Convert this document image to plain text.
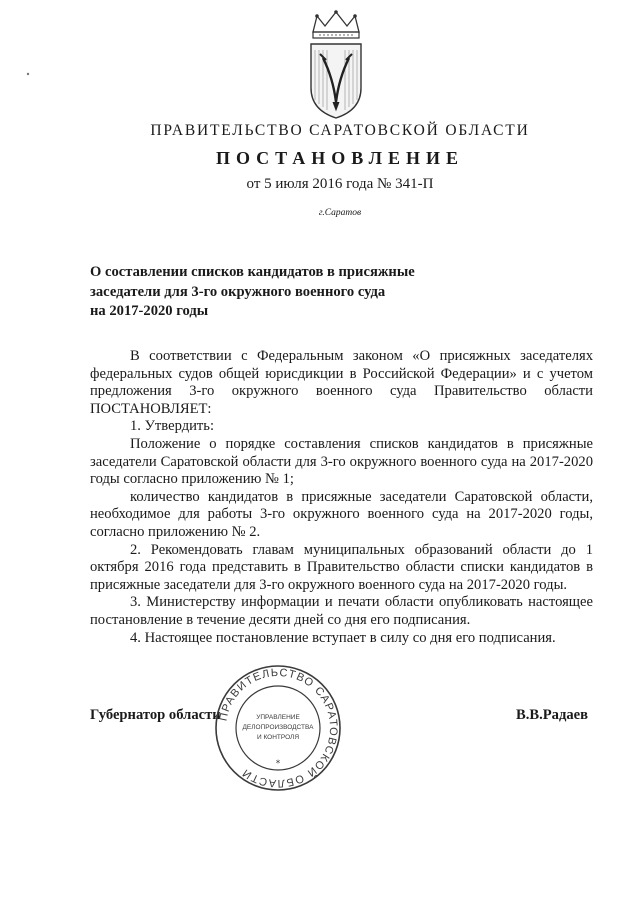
ПРАВИТЕЛЬСТВО САРАТОВСКОЙ ОБЛАСТИ
ПОСТАНОВЛЕНИЕ
от 5 июля 2016 года № 341-П
г.Саратов
О составлении списков кандидатов в присяжные
заседатели для 3-го окружного военного суда
на 2017-2020 годы

В соответствии с Федеральным законом «О присяжных заседателях федеральных судов общей юрисдикции в Российской Федерации» и с учетом предложения 3-го окружного военного суда Правительство области ПОСТАНОВЛЯЕТ:

1. Утвердить:

Положение о порядке составления списков кандидатов в присяжные заседатели Саратовской области для 3-го окружного военного суда на 2017-2020 годы согласно приложению № 1;

количество кандидатов в присяжные заседатели Саратовской области, необходимое для работы 3-го окружного военного суда на 2017-2020 годы, согласно приложению № 2.

2. Рекомендовать главам муниципальных образований области до 1 октября 2016 года представить в Правительство области списки кандидатов в присяжные заседатели для 3-го окружного военного суда на 2017-2020 годы.

3. Министерству информации и печати области опубликовать настоящее постановление в течение десяти дней со дня его подписания.

4. Настоящее постановление вступает в силу со дня его подписания.

Губернатор области	В.В.Радаев
ПРАВИТЕЛЬСТВО САРАТОВСКОЙ ОБЛАСТИ
УПРАВЛЕНИЕ
ДЕЛОПРОИЗВОДСТВА
И КОНТРОЛЯ
*
